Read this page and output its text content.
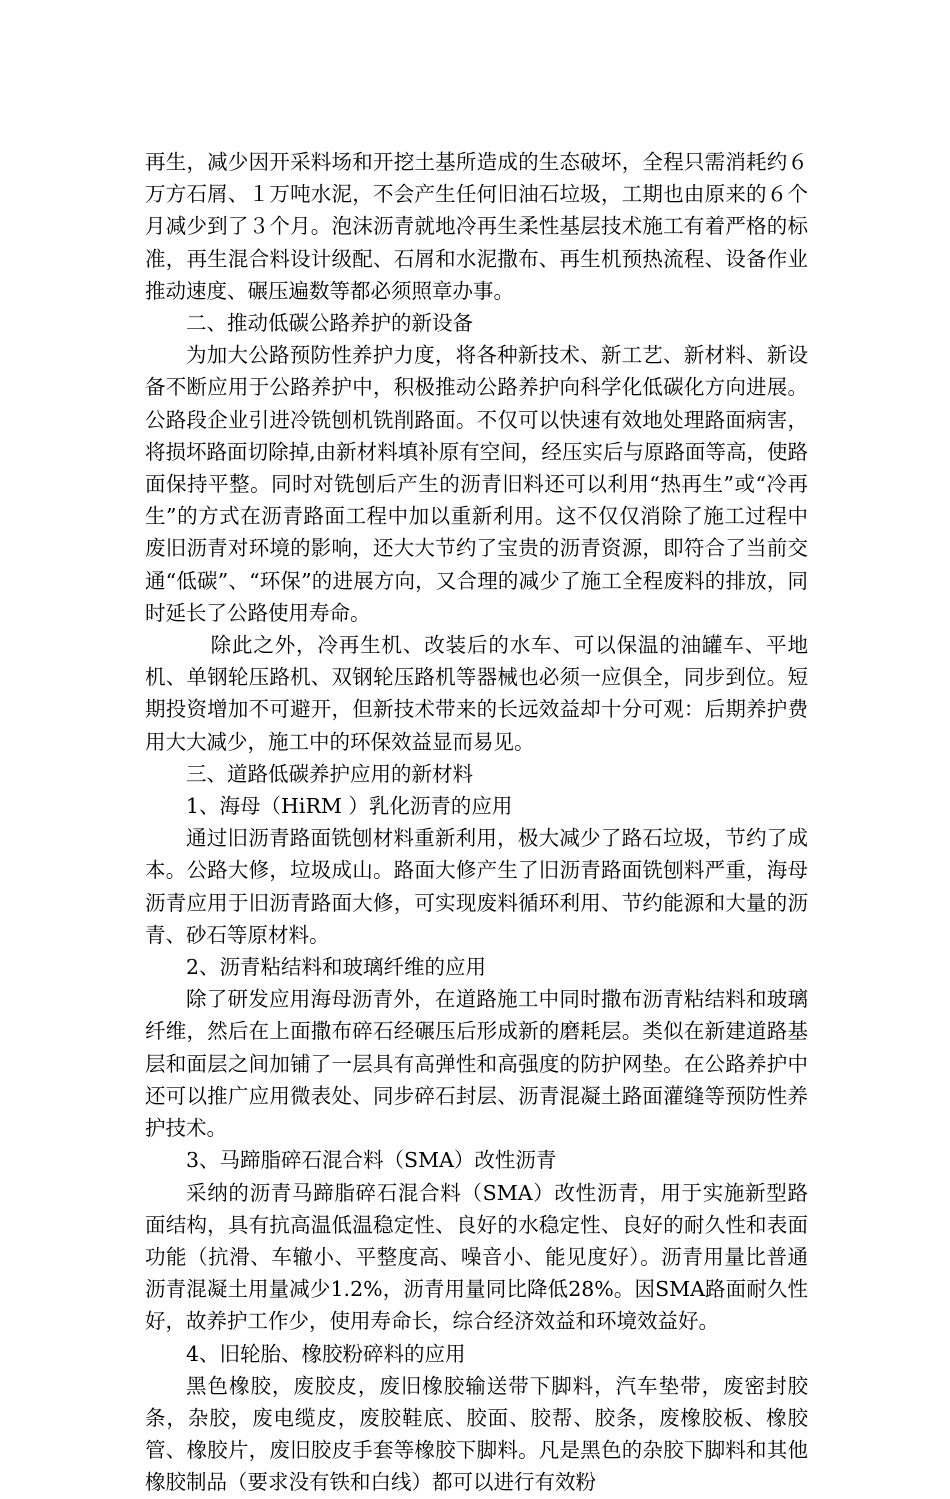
再生，减少因开采料场和开挖土基所造成的生态破坏，全程只需消耗约６万方石屑、１万吨水泥，不会产生任何旧油石垃圾，工期也由原来的６个月减少到了３个月。泡沫沥青就地冷再生柔性基层技术施工有着严格的标准，再生混合料设计级配、石屑和水泥撒布、再生机预热流程、设备作业推动速度、碾压遍数等都必须照章办事。

二、推动低碳公路养护的新设备

为加大公路预防性养护力度，将各种新技术、新工艺、新材料、新设备不断应用于公路养护中，积极推动公路养护向科学化低碳化方向进展。公路段企业引进冷铣刨机铣削路面。不仅可以快速有效地处理路面病害，将损坏路面切除掉,由新材料填补原有空间，经压实后与原路面等高，使路面保持平整。同时对铣刨后产生的沥青旧料还可以利用“热再生”或“冷再生”的方式在沥青路面工程中加以重新利用。这不仅仅消除了施工过程中废旧沥青对环境的影响，还大大节约了宝贵的沥青资源，即符合了当前交通“低碳”、“环保”的进展方向，又合理的减少了施工全程废料的排放，同时延长了公路使用寿命。

除此之外，冷再生机、改装后的水车、可以保温的油罐车、平地机、单钢轮压路机、双钢轮压路机等器械也必须一应俱全，同步到位。短期投资增加不可避开，但新技术带来的长远效益却十分可观：后期养护费用大大减少，施工中的环保效益显而易见。

三、道路低碳养护应用的新材料

1、海母（HiRM ）乳化沥青的应用

通过旧沥青路面铣刨材料重新利用，极大减少了路石垃圾，节约了成本。公路大修，垃圾成山。路面大修产生了旧沥青路面铣刨料严重，海母沥青应用于旧沥青路面大修，可实现废料循环利用、节约能源和大量的沥青、砂石等原材料。

2、沥青粘结料和玻璃纤维的应用

除了研发应用海母沥青外，在道路施工中同时撒布沥青粘结料和玻璃纤维，然后在上面撒布碎石经碾压后形成新的磨耗层。类似在新建道路基层和面层之间加铺了一层具有高弹性和高强度的防护网垫。在公路养护中还可以推广应用微表处、同步碎石封层、沥青混凝土路面灌缝等预防性养护技术。

3、马蹄脂碎石混合料（SMA）改性沥青

采纳的沥青马蹄脂碎石混合料（SMA）改性沥青，用于实施新型路面结构，具有抗高温低温稳定性、良好的水稳定性、良好的耐久性和表面功能（抗滑、车辙小、平整度高、噪音小、能见度好）。沥青用量比普通沥青混凝土用量减少1.2%，沥青用量同比降低28%。因SMA路面耐久性好，故养护工作少，使用寿命长，综合经济效益和环境效益好。

4、旧轮胎、橡胶粉碎料的应用

黑色橡胶，废胶皮，废旧橡胶输送带下脚料，汽车垫带，废密封胶条，杂胶，废电缆皮，废胶鞋底、胶面、胶帮、胶条，废橡胶板、橡胶管、橡胶片，废旧胶皮手套等橡胶下脚料。凡是黑色的杂胶下脚料和其他橡胶制品（要求没有铁和白线）都可以进行有效粉
